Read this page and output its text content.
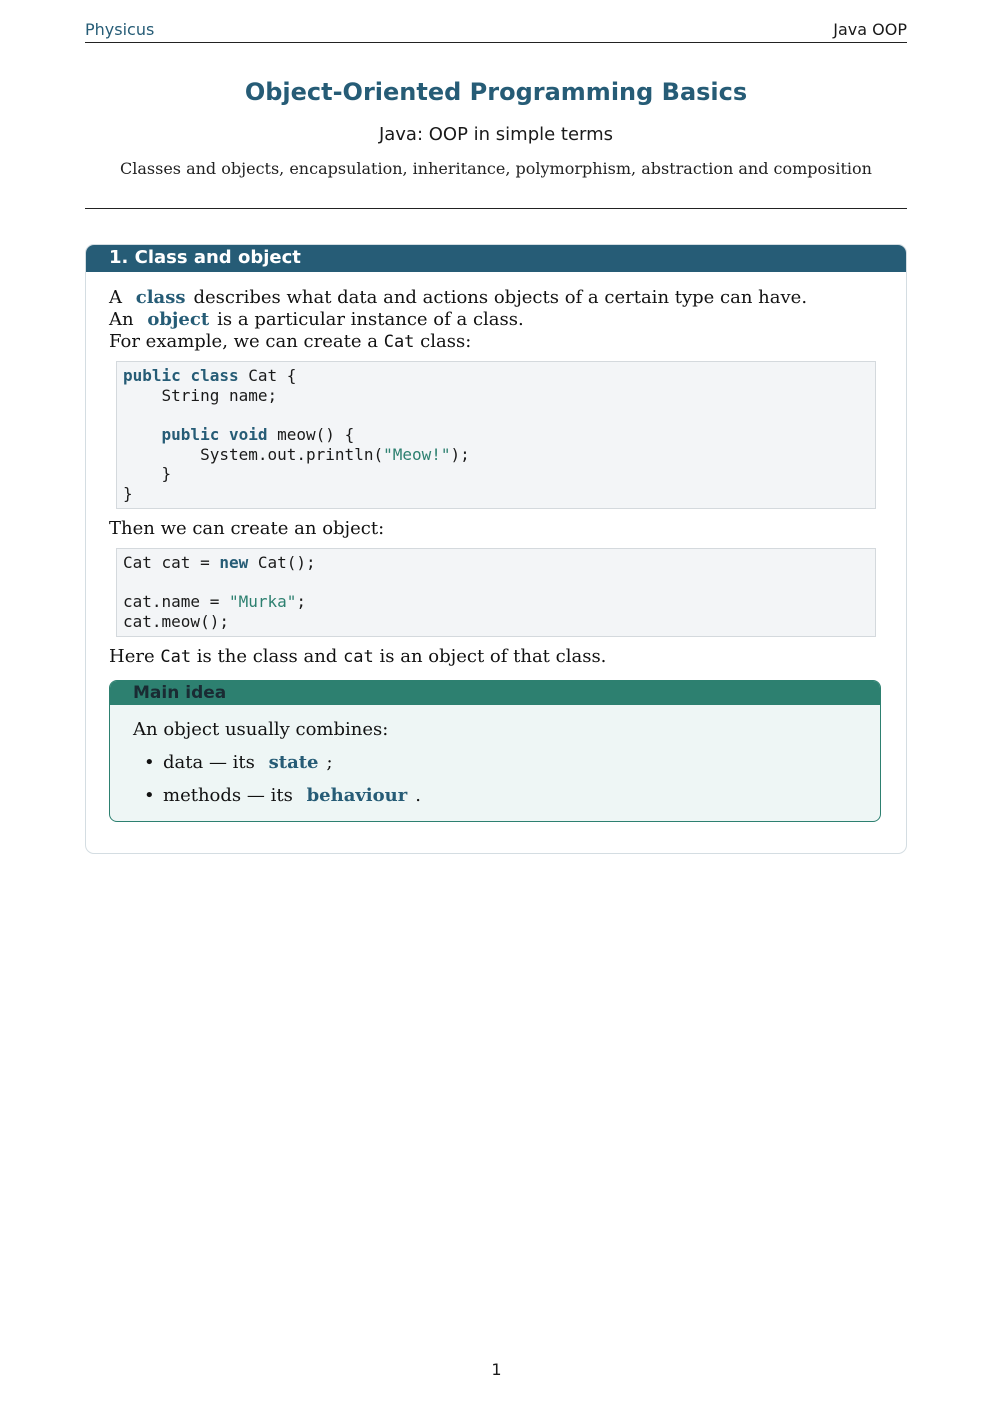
Physicus	Java OOP
Object-Oriented Programming Basics
Java: OOP in simple terms
Classes and objects, encapsulation, inheritance, polymorphism, abstraction and composition
1. Class and object

A class describes what data and actions objects of a certain type can have.

An object is a particular instance of a class.

For example, we can create a Cat class:

public class Cat {
String name;
public void meow() {
System.out.println("Meow!");
}
}

Then we can create an object:

Cat cat = new Cat();
cat.name = "Murka";
cat.meow();

Here Cat is the class and cat is an object of that class.

Main idea
An object usually combines:
• data — its state ;
• methods — its behaviour .
1
